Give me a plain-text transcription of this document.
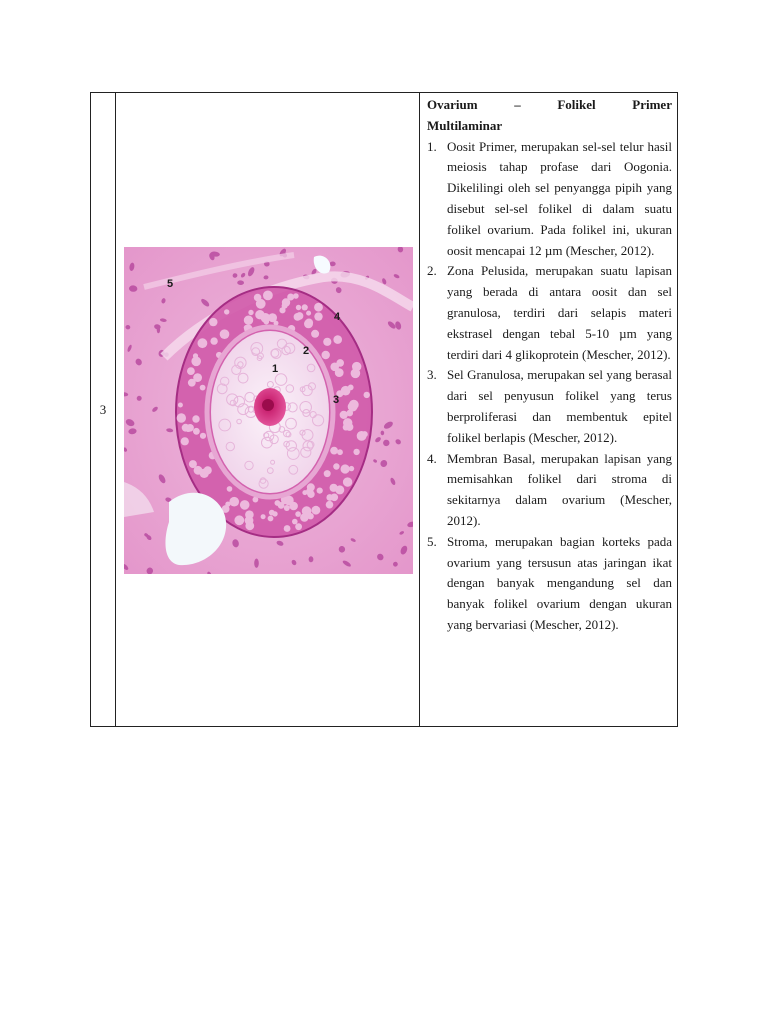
3
5
4
2
1
3
Ovarium	–	Folikel	Primer
Multilaminar
1. Oosit Primer, merupakan sel-sel telur hasil meiosis tahap profase dari Oogonia. Dikelilingi oleh sel penyangga pipih yang disebut sel-sel folikel di dalam suatu folikel ovarium. Pada folikel ini, ukuran oosit mencapai 12 µm (Mescher, 2012).
2. Zona Pelusida, merupakan suatu lapisan yang berada di antara oosit dan sel granulosa, terdiri dari selapis materi ekstrasel dengan tebal 5-10 µm yang terdiri dari 4 glikoprotein (Mescher, 2012).
3. Sel Granulosa, merupakan sel yang berasal dari sel penyusun folikel yang terus berproliferasi dan membentuk epitel folikel berlapis (Mescher, 2012).
4. Membran Basal, merupakan lapisan yang memisahkan folikel dari stroma di sekitarnya dalam ovarium (Mescher, 2012).
5. Stroma, merupakan bagian korteks pada ovarium yang tersusun atas jaringan ikat dengan banyak mengandung sel dan banyak folikel ovarium dengan ukuran yang bervariasi (Mescher, 2012).
